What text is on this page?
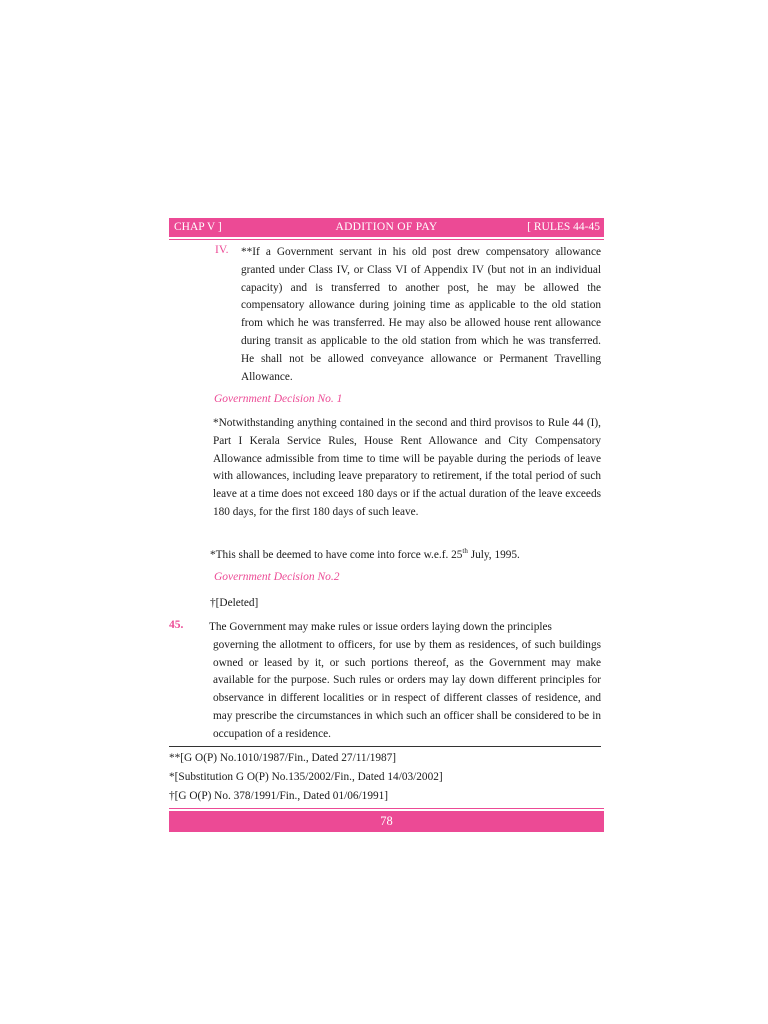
CHAP V ]	ADDITION OF PAY	[ RULES 44-45
IV. **If a Government servant in his old post drew compensatory allowance granted under Class IV, or Class VI of Appendix IV (but not in an individual capacity) and is transferred to another post, he may be allowed the compensatory allowance during joining time as applicable to the old station from which he was transferred. He may also be allowed house rent allowance during transit as applicable to the old station from which he was transferred. He shall not be allowed conveyance allowance or Permanent Travelling Allowance.
Government Decision No. 1
*Notwithstanding anything contained in the second and third provisos to Rule 44 (I), Part I Kerala Service Rules, House Rent Allowance and City Compensatory Allowance admissible from time to time will be payable during the periods of leave with allowances, including leave preparatory to retirement, if the total period of such leave at a time does not exceed 180 days or if the actual duration of the leave exceeds 180 days, for the first 180 days of such leave.
*This shall be deemed to have come into force w.e.f. 25th July, 1995.
Government Decision No.2
†[Deleted]
45. The Government may make rules or issue orders laying down the principles
governing the allotment to officers, for use by them as residences, of such buildings owned or leased by it, or such portions thereof, as the Government may make available for the purpose. Such rules or orders may lay down different principles for observance in different localities or in respect of different classes of residence, and may prescribe the circumstances in which such an officer shall be considered to be in occupation of a residence.
**[G O(P) No.1010/1987/Fin., Dated 27/11/1987]
*[Substitution G O(P) No.135/2002/Fin., Dated 14/03/2002]
†[G O(P) No. 378/1991/Fin., Dated 01/06/1991]
78
